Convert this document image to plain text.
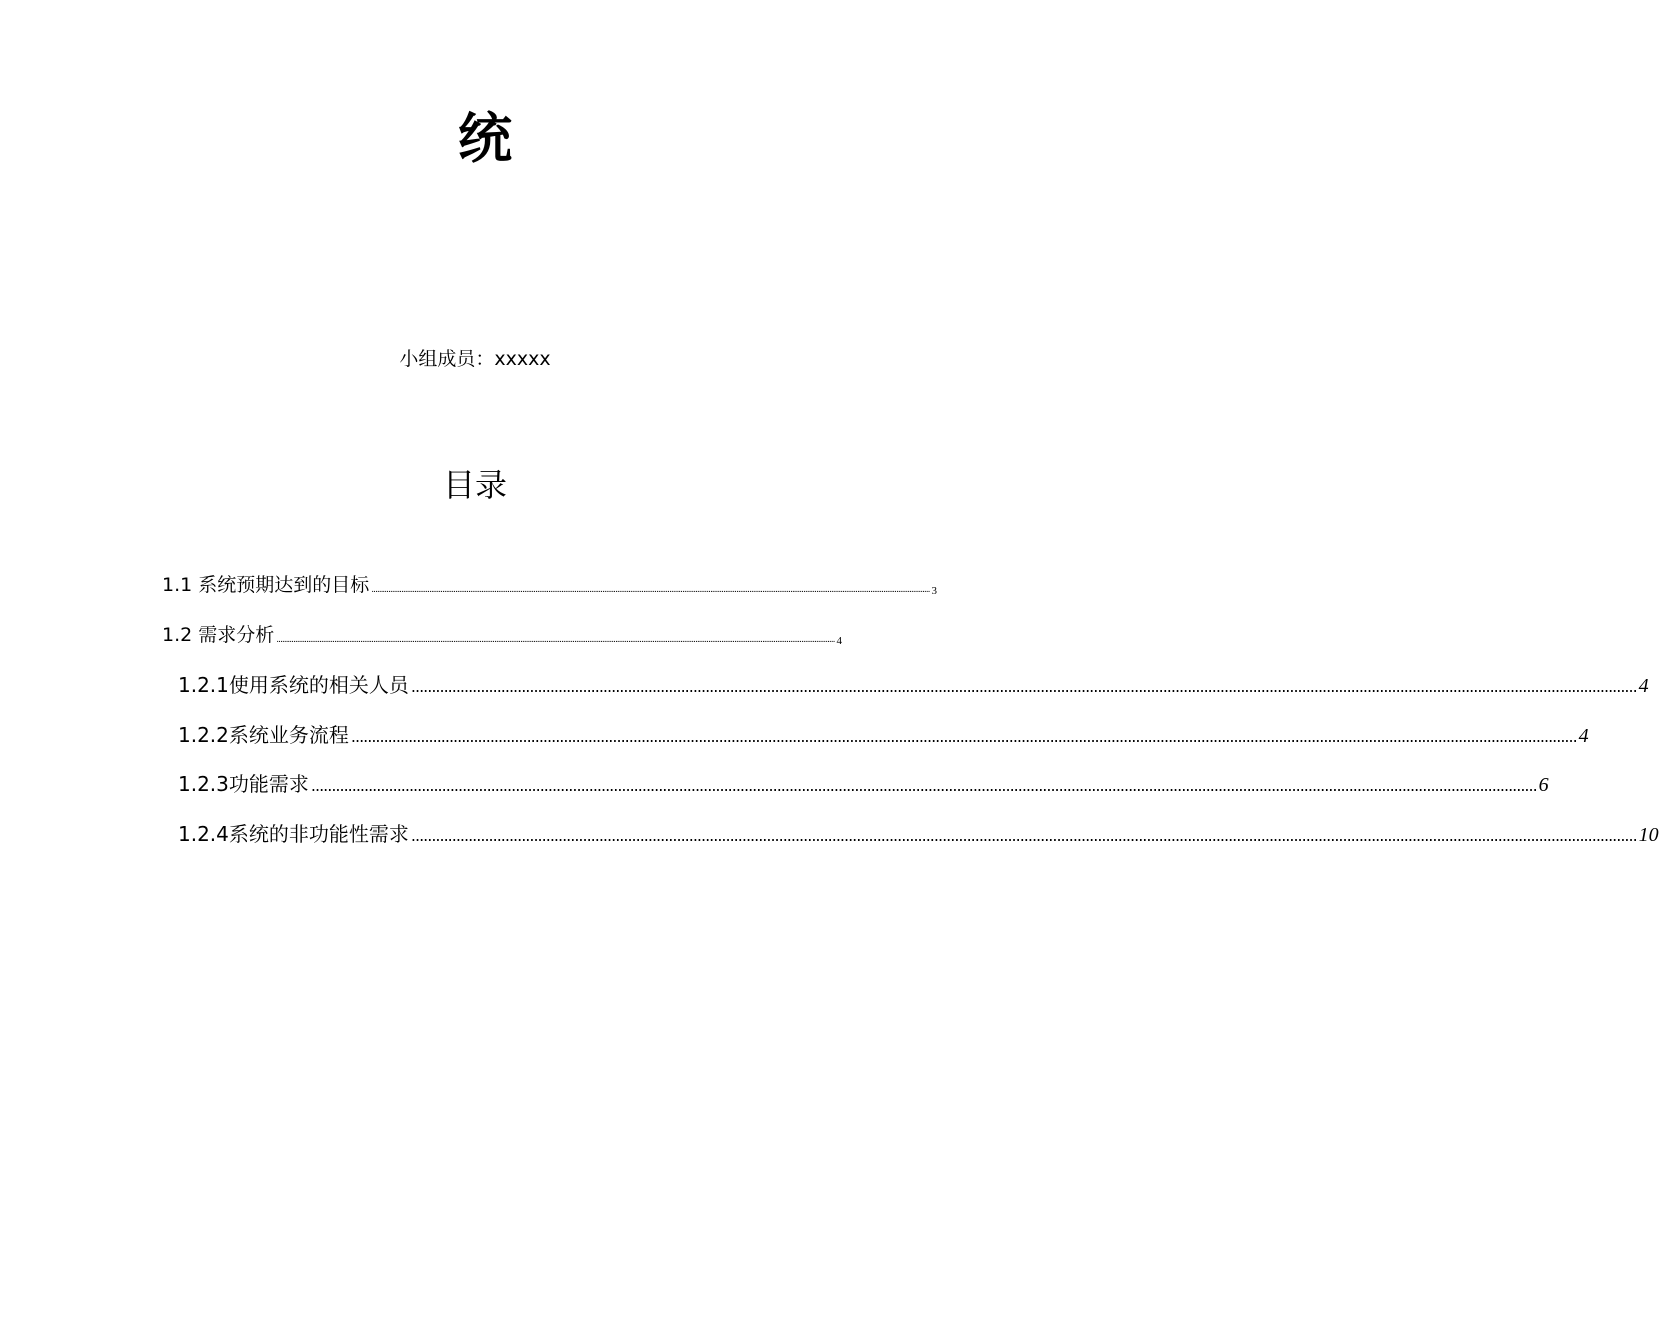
统
小组成员：xxxxx
目录
1.1 系统预期达到的目标 ............................................................................................................................................................................................................................................................................................................ 3
1.2 需求分析 ............................................................................................................................................................................................................................................................................................................ 4
1.2.1使用系统的相关人员 ............................................................................................................................................................................................................................................................................................................ 4
1.2.2系统业务流程 ............................................................................................................................................................................................................................................................................................................ 4
1.2.3功能需求 ............................................................................................................................................................................................................................................................................................................ 6
1.2.4系统的非功能性需求 ............................................................................................................................................................................................................................................................................................................ 10
